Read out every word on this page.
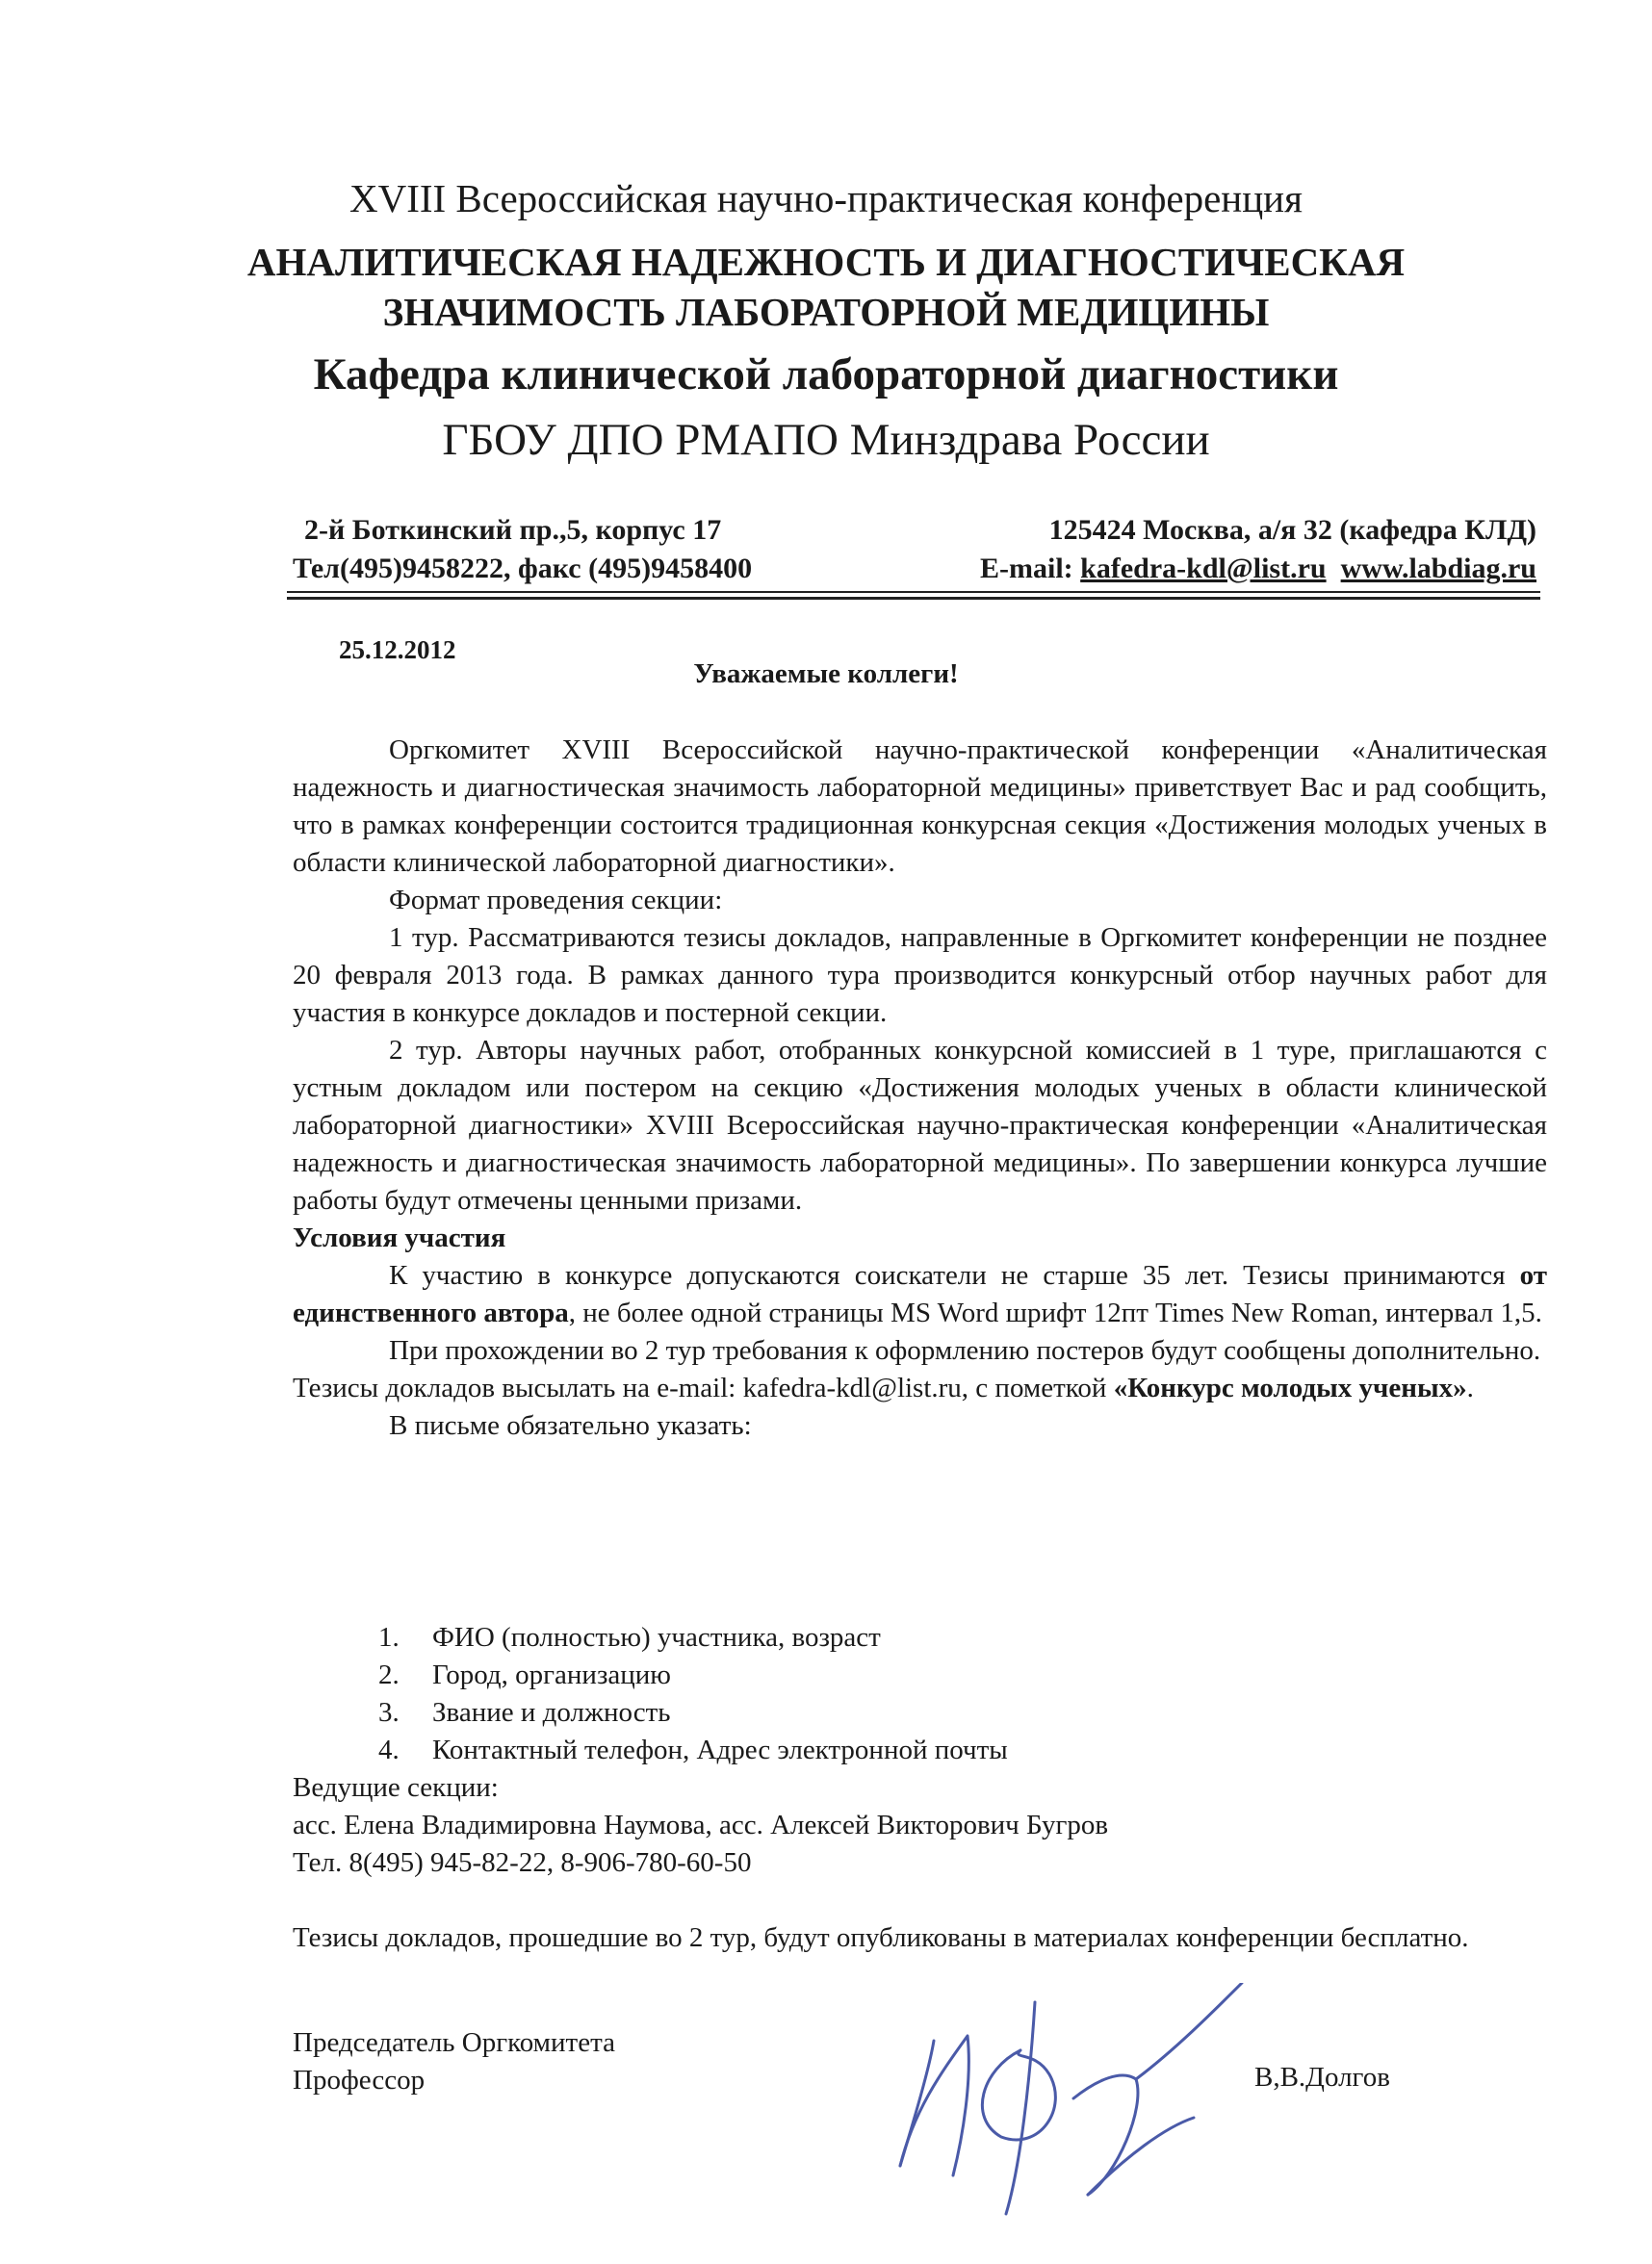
XVIII Всероссийская научно-практическая конференция
АНАЛИТИЧЕСКАЯ НАДЕЖНОСТЬ И ДИАГНОСТИЧЕСКАЯ
ЗНАЧИМОСТЬ ЛАБОРАТОРНОЙ МЕДИЦИНЫ
Кафедра клинической лабораторной диагностики
ГБОУ ДПО РМАПО Минздрава России
2-й Боткинский пр.,5, корпус 17
Тел(495)9458222, факс (495)9458400
125424 Москва, а/я 32 (кафедра КЛД)
E-mail: kafedra-kdl@list.ru www.labdiag.ru
25.12.2012
Уважаемые коллеги!

Оргкомитет XVIII Всероссийской научно-практической конференции «Аналитическая надежность и диагностическая значимость лабораторной медицины» приветствует Вас и рад сообщить, что в рамках конференции состоится традиционная конкурсная секция «Достижения молодых ученых в области клинической лабораторной диагностики».

Формат проведения секции:

1 тур. Рассматриваются тезисы докладов, направленные в Оргкомитет конференции не позднее 20 февраля 2013 года. В рамках данного тура производится конкурсный отбор научных работ для участия в конкурсе докладов и постерной секции.

2 тур. Авторы научных работ, отобранных конкурсной комиссией в 1 туре, приглашаются с устным докладом или постером на секцию «Достижения молодых ученых в области клинической лабораторной диагностики» XVIII Всероссийская научно-практическая конференции «Аналитическая надежность и диагностическая значимость лабораторной медицины». По завершении конкурса лучшие работы будут отмечены ценными призами.

Условия участия

К участию в конкурсе допускаются соискатели не старше 35 лет. Тезисы принимаются от единственного автора, не более одной страницы MS Word шрифт 12пт Times New Roman, интервал 1,5.

При прохождении во 2 тур требования к оформлению постеров будут сообщены дополнительно.

Тезисы докладов высылать на e-mail: kafedra-kdl@list.ru, с пометкой «Конкурс молодых ученых».

В письме обязательно указать:

1.	ФИО (полностью) участника, возраст
2.	Город, организацию
3.	Звание и должность
4.	Контактный телефон, Адрес электронной почты

Ведущие секции:

асс. Елена Владимировна Наумова, асс. Алексей Викторович Бугров

Тел. 8(495) 945-82-22, 8-906-780-60-50

Тезисы докладов, прошедшие во 2 тур, будут опубликованы в материалах конференции бесплатно.

Председатель Оргкомитета
Профессор	В,В.Долгов
